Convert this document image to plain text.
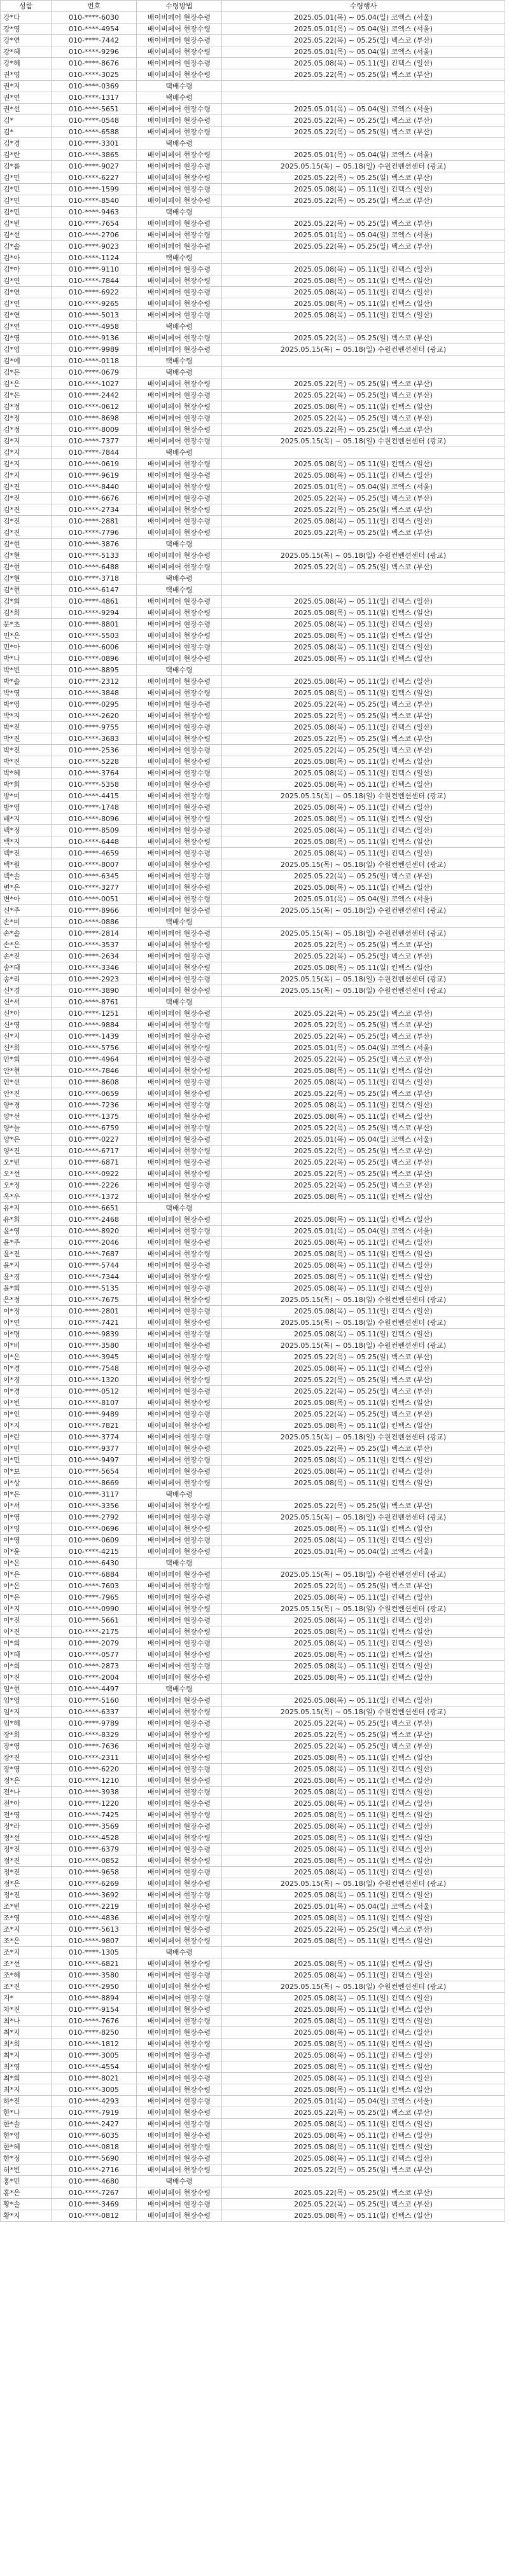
성함	번호	수령방법	수령행사
강*다	010-****-6030	배이비페어 현장수령	2025.05.01(목) ~ 05.04(일) 코엑스 (서울)
강*영	010-****-4954	배이비페어 현장수령	2025.05.01(목) ~ 05.04(일) 코엑스 (서울)
강*연	010-****-7442	배이비페어 현장수령	2025.05.22(목) ~ 05.25(일) 벡스코 (부산)
강*혜	010-****-9296	배이비페어 현장수령	2025.05.01(목) ~ 05.04(일) 코엑스 (서울)
강*혜	010-****-8676	배이비페어 현장수령	2025.05.08(목) ~ 05.11(일) 킨텍스 (일산)
권*영	010-****-3025	배이비페어 현장수령	2025.05.22(목) ~ 05.25(일) 벡스코 (부산)
권*지	010-****-0369	택배수령	
권*연	010-****-1317	택배수령	
권*선	010-****-5651	배이비페어 현장수령	2025.05.01(목) ~ 05.04(일) 코엑스 (서울)
김*	010-****-0548	배이비페어 현장수령	2025.05.22(목) ~ 05.25(일) 벡스코 (부산)
김*	010-****-6588	배이비페어 현장수령	2025.05.22(목) ~ 05.25(일) 벡스코 (부산)
김*경	010-****-3301	택배수령	
김*란	010-****-3865	배이비페어 현장수령	2025.05.01(목) ~ 05.04(일) 코엑스 (서울)
김*름	010-****-9027	배이비페어 현장수령	2025.05.15(목) ~ 05.18(일) 수원컨벤션센터 (광교)
김*민	010-****-6227	배이비페어 현장수령	2025.05.22(목) ~ 05.25(일) 벡스코 (부산)
김*민	010-****-1599	배이비페어 현장수령	2025.05.08(목) ~ 05.11(일) 킨텍스 (일산)
김*민	010-****-8540	배이비페어 현장수령	2025.05.22(목) ~ 05.25(일) 벡스코 (부산)
김*민	010-****-9463	택배수령	
김*빈	010-****-7654	배이비페어 현장수령	2025.05.22(목) ~ 05.25(일) 벡스코 (부산)
김*선	010-****-2706	배이비페어 현장수령	2025.05.01(목) ~ 05.04(일) 코엑스 (서울)
김*솔	010-****-9023	배이비페어 현장수령	2025.05.22(목) ~ 05.25(일) 벡스코 (부산)
김*아	010-****-1124	택배수령	
김*아	010-****-9110	배이비페어 현장수령	2025.05.08(목) ~ 05.11(일) 킨텍스 (일산)
김*연	010-****-7844	배이비페어 현장수령	2025.05.08(목) ~ 05.11(일) 킨텍스 (일산)
김*연	010-****-6922	배이비페어 현장수령	2025.05.08(목) ~ 05.11(일) 킨텍스 (일산)
김*연	010-****-9265	배이비페어 현장수령	2025.05.08(목) ~ 05.11(일) 킨텍스 (일산)
김*연	010-****-5013	배이비페어 현장수령	2025.05.08(목) ~ 05.11(일) 킨텍스 (일산)
김*연	010-****-4958	택배수령	
김*영	010-****-9136	배이비페어 현장수령	2025.05.22(목) ~ 05.25(일) 벡스코 (부산)
김*영	010-****-9989	배이비페어 현장수령	2025.05.15(목) ~ 05.18(일) 수원컨벤션센터 (광교)
김*예	010-****-0118	택배수령	
김*은	010-****-0679	택배수령	
김*은	010-****-1027	배이비페어 현장수령	2025.05.22(목) ~ 05.25(일) 벡스코 (부산)
김*은	010-****-2442	배이비페어 현장수령	2025.05.22(목) ~ 05.25(일) 벡스코 (부산)
김*정	010-****-0612	배이비페어 현장수령	2025.05.08(목) ~ 05.11(일) 킨텍스 (일산)
김*정	010-****-8698	배이비페어 현장수령	2025.05.22(목) ~ 05.25(일) 벡스코 (부산)
김*정	010-****-8009	배이비페어 현장수령	2025.05.22(목) ~ 05.25(일) 벡스코 (부산)
김*지	010-****-7377	배이비페어 현장수령	2025.05.15(목) ~ 05.18(일) 수원컨벤션센터 (광교)
김*지	010-****-7844	택배수령	
김*지	010-****-0619	배이비페어 현장수령	2025.05.08(목) ~ 05.11(일) 킨텍스 (일산)
김*지	010-****-9619	배이비페어 현장수령	2025.05.08(목) ~ 05.11(일) 킨텍스 (일산)
김*진	010-****-8440	배이비페어 현장수령	2025.05.01(목) ~ 05.04(일) 코엑스 (서울)
김*진	010-****-6676	배이비페어 현장수령	2025.05.22(목) ~ 05.25(일) 벡스코 (부산)
김*진	010-****-2734	배이비페어 현장수령	2025.05.22(목) ~ 05.25(일) 벡스코 (부산)
김*진	010-****-2881	배이비페어 현장수령	2025.05.08(목) ~ 05.11(일) 킨텍스 (일산)
김*진	010-****-7796	배이비페어 현장수령	2025.05.22(목) ~ 05.25(일) 벡스코 (부산)
김*현	010-****-3876	택배수령	
김*현	010-****-5133	배이비페어 현장수령	2025.05.15(목) ~ 05.18(일) 수원컨벤션센터 (광교)
김*현	010-****-6488	배이비페어 현장수령	2025.05.22(목) ~ 05.25(일) 벡스코 (부산)
김*현	010-****-3718	택배수령	
김*현	010-****-6147	택배수령	
김*희	010-****-4861	배이비페어 현장수령	2025.05.08(목) ~ 05.11(일) 킨텍스 (일산)
김*희	010-****-9294	배이비페어 현장수령	2025.05.08(목) ~ 05.11(일) 킨텍스 (일산)
문*초	010-****-8801	배이비페어 현장수령	2025.05.08(목) ~ 05.11(일) 킨텍스 (일산)
민*은	010-****-5503	배이비페어 현장수령	2025.05.08(목) ~ 05.11(일) 킨텍스 (일산)
민*아	010-****-6006	배이비페어 현장수령	2025.05.08(목) ~ 05.11(일) 킨텍스 (일산)
박*나	010-****-0896	배이비페어 현장수령	2025.05.08(목) ~ 05.11(일) 킨텍스 (일산)
박*빈	010-****-8895	택배수령	
박*솔	010-****-2312	배이비페어 현장수령	2025.05.08(목) ~ 05.11(일) 킨텍스 (일산)
박*영	010-****-3848	배이비페어 현장수령	2025.05.08(목) ~ 05.11(일) 킨텍스 (일산)
박*영	010-****-0295	배이비페어 현장수령	2025.05.22(목) ~ 05.25(일) 벡스코 (부산)
박*지	010-****-2620	배이비페어 현장수령	2025.05.22(목) ~ 05.25(일) 벡스코 (부산)
박*진	010-****-9755	배이비페어 현장수령	2025.05.08(목) ~ 05.11(일) 킨텍스 (일산)
박*진	010-****-3683	배이비페어 현장수령	2025.05.22(목) ~ 05.25(일) 벡스코 (부산)
박*진	010-****-2536	배이비페어 현장수령	2025.05.22(목) ~ 05.25(일) 벡스코 (부산)
박*진	010-****-5228	배이비페어 현장수령	2025.05.08(목) ~ 05.11(일) 킨텍스 (일산)
박*혜	010-****-3764	배이비페어 현장수령	2025.05.08(목) ~ 05.11(일) 킨텍스 (일산)
박*희	010-****-5358	배이비페어 현장수령	2025.05.08(목) ~ 05.11(일) 킨텍스 (일산)
방*미	010-****-4415	배이비페어 현장수령	2025.05.15(목) ~ 05.18(일) 수원컨벤션센터 (광교)
방*영	010-****-1748	배이비페어 현장수령	2025.05.08(목) ~ 05.11(일) 킨텍스 (일산)
배*지	010-****-8096	배이비페어 현장수령	2025.05.08(목) ~ 05.11(일) 킨텍스 (일산)
백*정	010-****-8509	배이비페어 현장수령	2025.05.08(목) ~ 05.11(일) 킨텍스 (일산)
백*지	010-****-6448	배이비페어 현장수령	2025.05.08(목) ~ 05.11(일) 킨텍스 (일산)
백*진	010-****-4659	배이비페어 현장수령	2025.05.08(목) ~ 05.11(일) 킨텍스 (일산)
백*원	010-****-8007	배이비페어 현장수령	2025.05.15(목) ~ 05.18(일) 수원컨벤션센터 (광교)
백*솔	010-****-6345	배이비페어 현장수령	2025.05.22(목) ~ 05.25(일) 벡스코 (부산)
변*은	010-****-3277	배이비페어 현장수령	2025.05.08(목) ~ 05.11(일) 킨텍스 (일산)
변*아	010-****-0051	배이비페어 현장수령	2025.05.01(목) ~ 05.04(일) 코엑스 (서울)
신*주	010-****-8966	배이비페어 현장수령	2025.05.15(목) ~ 05.18(일) 수원컨벤션센터 (광교)
손*미	010-****-0886	택배수령	
손*솔	010-****-2814	배이비페어 현장수령	2025.05.15(목) ~ 05.18(일) 수원컨벤션센터 (광교)
손*은	010-****-3537	배이비페어 현장수령	2025.05.22(목) ~ 05.25(일) 벡스코 (부산)
손*진	010-****-2634	배이비페어 현장수령	2025.05.22(목) ~ 05.25(일) 벡스코 (부산)
송*혜	010-****-3346	배이비페어 현장수령	2025.05.08(목) ~ 05.11(일) 킨텍스 (일산)
송*리	010-****-2923	배이비페어 현장수령	2025.05.15(목) ~ 05.18(일) 수원컨벤션센터 (광교)
신*경	010-****-3890	배이비페어 현장수령	2025.05.15(목) ~ 05.18(일) 수원컨벤션센터 (광교)
신*서	010-****-8761	택배수령	
신*아	010-****-1251	배이비페어 현장수령	2025.05.22(목) ~ 05.25(일) 벡스코 (부산)
신*영	010-****-9884	배이비페어 현장수령	2025.05.22(목) ~ 05.25(일) 벡스코 (부산)
신*지	010-****-1439	배이비페어 현장수령	2025.05.22(목) ~ 05.25(일) 벡스코 (부산)
신*희	010-****-5756	배이비페어 현장수령	2025.05.01(목) ~ 05.04(일) 코엑스 (서울)
안*희	010-****-4964	배이비페어 현장수령	2025.05.22(목) ~ 05.25(일) 벡스코 (부산)
안*현	010-****-7846	배이비페어 현장수령	2025.05.08(목) ~ 05.11(일) 킨텍스 (일산)
안*선	010-****-8608	배이비페어 현장수령	2025.05.08(목) ~ 05.11(일) 킨텍스 (일산)
안*진	010-****-0659	배이비페어 현장수령	2025.05.22(목) ~ 05.25(일) 벡스코 (부산)
양*경	010-****-7236	배이비페어 현장수령	2025.05.08(목) ~ 05.11(일) 킨텍스 (일산)
양*선	010-****-1375	배이비페어 현장수령	2025.05.08(목) ~ 05.11(일) 킨텍스 (일산)
양*늘	010-****-6759	배이비페어 현장수령	2025.05.22(목) ~ 05.25(일) 벡스코 (부산)
양*은	010-****-0227	배이비페어 현장수령	2025.05.01(목) ~ 05.04(일) 코엑스 (서울)
양*진	010-****-6717	배이비페어 현장수령	2025.05.22(목) ~ 05.25(일) 벡스코 (부산)
오*빈	010-****-6871	배이비페어 현장수령	2025.05.22(목) ~ 05.25(일) 벡스코 (부산)
오*선	010-****-0922	배이비페어 현장수령	2025.05.22(목) ~ 05.25(일) 벡스코 (부산)
오*정	010-****-2226	배이비페어 현장수령	2025.05.22(목) ~ 05.25(일) 벡스코 (부산)
옥*우	010-****-1372	배이비페어 현장수령	2025.05.08(목) ~ 05.11(일) 킨텍스 (일산)
유*지	010-****-6651	택배수령	
유*희	010-****-2468	배이비페어 현장수령	2025.05.08(목) ~ 05.11(일) 킨텍스 (일산)
윤*영	010-****-8920	배이비페어 현장수령	2025.05.01(목) ~ 05.04(일) 코엑스 (서울)
윤*주	010-****-2046	배이비페어 현장수령	2025.05.08(목) ~ 05.11(일) 킨텍스 (일산)
윤*진	010-****-7687	배이비페어 현장수령	2025.05.08(목) ~ 05.11(일) 킨텍스 (일산)
윤*지	010-****-5744	배이비페어 현장수령	2025.05.08(목) ~ 05.11(일) 킨텍스 (일산)
윤*경	010-****-7344	배이비페어 현장수령	2025.05.08(목) ~ 05.11(일) 킨텍스 (일산)
윤*희	010-****-5135	배이비페어 현장수령	2025.05.08(목) ~ 05.11(일) 킨텍스 (일산)
은*정	010-****-7675	배이비페어 현장수령	2025.05.15(목) ~ 05.18(일) 수원컨벤션센터 (광교)
이*정	010-****-2801	배이비페어 현장수령	2025.05.08(목) ~ 05.11(일) 킨텍스 (일산)
이*연	010-****-7421	배이비페어 현장수령	2025.05.15(목) ~ 05.18(일) 수원컨벤션센터 (광교)
이*명	010-****-9839	배이비페어 현장수령	2025.05.08(목) ~ 05.11(일) 킨텍스 (일산)
이*비	010-****-3580	배이비페어 현장수령	2025.05.15(목) ~ 05.18(일) 수원컨벤션센터 (광교)
이*은	010-****-3945	배이비페어 현장수령	2025.05.22(목) ~ 05.25(일) 벡스코 (부산)
이*경	010-****-7548	배이비페어 현장수령	2025.05.08(목) ~ 05.11(일) 킨텍스 (일산)
이*경	010-****-1320	배이비페어 현장수령	2025.05.22(목) ~ 05.25(일) 벡스코 (부산)
이*경	010-****-0512	배이비페어 현장수령	2025.05.22(목) ~ 05.25(일) 벡스코 (부산)
이*빈	010-****-8107	배이비페어 현장수령	2025.05.08(목) ~ 05.11(일) 킨텍스 (일산)
이*인	010-****-9489	배이비페어 현장수령	2025.05.22(목) ~ 05.25(일) 벡스코 (부산)
이*지	010-****-7821	배이비페어 현장수령	2025.05.08(목) ~ 05.11(일) 킨텍스 (일산)
이*란	010-****-3774	배이비페어 현장수령	2025.05.15(목) ~ 05.18(일) 수원컨벤션센터 (광교)
이*민	010-****-9377	배이비페어 현장수령	2025.05.22(목) ~ 05.25(일) 벡스코 (부산)
이*민	010-****-9497	배이비페어 현장수령	2025.05.08(목) ~ 05.11(일) 킨텍스 (일산)
이*보	010-****-5654	배이비페어 현장수령	2025.05.08(목) ~ 05.11(일) 킨텍스 (일산)
이*상	010-****-8669	배이비페어 현장수령	2025.05.08(목) ~ 05.11(일) 킨텍스 (일산)
이*은	010-****-3117	택배수령	
이*서	010-****-3356	배이비페어 현장수령	2025.05.22(목) ~ 05.25(일) 벡스코 (부산)
이*영	010-****-2792	배이비페어 현장수령	2025.05.15(목) ~ 05.18(일) 수원컨벤션센터 (광교)
이*영	010-****-0696	배이비페어 현장수령	2025.05.08(목) ~ 05.11(일) 킨텍스 (일산)
이*영	010-****-0609	배이비페어 현장수령	2025.05.08(목) ~ 05.11(일) 킨텍스 (일산)
이*윤	010-****-4215	배이비페어 현장수령	2025.05.01(목) ~ 05.04(일) 코엑스 (서울)
이*은	010-****-6430	택배수령	
이*은	010-****-6884	배이비페어 현장수령	2025.05.15(목) ~ 05.18(일) 수원컨벤션센터 (광교)
이*은	010-****-7603	배이비페어 현장수령	2025.05.22(목) ~ 05.25(일) 벡스코 (부산)
이*은	010-****-7965	배이비페어 현장수령	2025.05.08(목) ~ 05.11(일) 킨텍스 (일산)
이*지	010-****-0990	배이비페어 현장수령	2025.05.15(목) ~ 05.18(일) 수원컨벤션센터 (광교)
이*진	010-****-5661	배이비페어 현장수령	2025.05.08(목) ~ 05.11(일) 킨텍스 (일산)
이*진	010-****-2175	배이비페어 현장수령	2025.05.08(목) ~ 05.11(일) 킨텍스 (일산)
이*희	010-****-2079	배이비페어 현장수령	2025.05.08(목) ~ 05.11(일) 킨텍스 (일산)
이*혜	010-****-0577	배이비페어 현장수령	2025.05.08(목) ~ 05.11(일) 킨텍스 (일산)
이*희	010-****-2873	배이비페어 현장수령	2025.05.08(목) ~ 05.11(일) 킨텍스 (일산)
이*진	010-****-2004	배이비페어 현장수령	2025.05.08(목) ~ 05.11(일) 킨텍스 (일산)
임*현	010-****-4497	택배수령	
임*영	010-****-5160	배이비페어 현장수령	2025.05.08(목) ~ 05.11(일) 킨텍스 (일산)
임*지	010-****-6337	배이비페어 현장수령	2025.05.15(목) ~ 05.18(일) 수원컨벤션센터 (광교)
임*혜	010-****-9789	배이비페어 현장수령	2025.05.22(목) ~ 05.25(일) 벡스코 (부산)
장*희	010-****-8329	배이비페어 현장수령	2025.05.22(목) ~ 05.25(일) 벡스코 (부산)
장*영	010-****-7636	배이비페어 현장수령	2025.05.22(목) ~ 05.25(일) 벡스코 (부산)
장*진	010-****-2311	배이비페어 현장수령	2025.05.08(목) ~ 05.11(일) 킨텍스 (일산)
장*영	010-****-6220	배이비페어 현장수령	2025.05.08(목) ~ 05.11(일) 킨텍스 (일산)
정*은	010-****-1210	배이비페어 현장수령	2025.05.08(목) ~ 05.11(일) 킨텍스 (일산)
전*나	010-****-3938	배이비페어 현장수령	2025.05.08(목) ~ 05.11(일) 킨텍스 (일산)
전*아	010-****-1220	배이비페어 현장수령	2025.05.08(목) ~ 05.11(일) 킨텍스 (일산)
전*영	010-****-7425	배이비페어 현장수령	2025.05.08(목) ~ 05.11(일) 킨텍스 (일산)
정*라	010-****-3569	배이비페어 현장수령	2025.05.08(목) ~ 05.11(일) 킨텍스 (일산)
정*선	010-****-4528	배이비페어 현장수령	2025.05.08(목) ~ 05.11(일) 킨텍스 (일산)
정*진	010-****-6379	배이비페어 현장수령	2025.05.08(목) ~ 05.11(일) 킨텍스 (일산)
정*진	010-****-0852	배이비페어 현장수령	2025.05.08(목) ~ 05.11(일) 킨텍스 (일산)
정*진	010-****-9658	배이비페어 현장수령	2025.05.08(목) ~ 05.11(일) 킨텍스 (일산)
정*은	010-****-6269	배이비페어 현장수령	2025.05.15(목) ~ 05.18(일) 수원컨벤션센터 (광교)
정*진	010-****-3692	배이비페어 현장수령	2025.05.08(목) ~ 05.11(일) 킨텍스 (일산)
조*빈	010-****-2219	배이비페어 현장수령	2025.05.01(목) ~ 05.04(일) 코엑스 (서울)
조*영	010-****-4836	배이비페어 현장수령	2025.05.08(목) ~ 05.11(일) 킨텍스 (일산)
조*지	010-****-5613	배이비페어 현장수령	2025.05.22(목) ~ 05.25(일) 벡스코 (부산)
조*은	010-****-9807	배이비페어 현장수령	2025.05.08(목) ~ 05.11(일) 킨텍스 (일산)
조*지	010-****-1305	택배수령	
조*선	010-****-6821	배이비페어 현장수령	2025.05.08(목) ~ 05.11(일) 킨텍스 (일산)
조*혜	010-****-3580	배이비페어 현장수령	2025.05.08(목) ~ 05.11(일) 킨텍스 (일산)
조*진	010-****-2950	배이비페어 현장수령	2025.05.15(목) ~ 05.18(일) 수원컨벤션센터 (광교)
지*	010-****-8894	배이비페어 현장수령	2025.05.08(목) ~ 05.11(일) 킨텍스 (일산)
차*진	010-****-9154	배이비페어 현장수령	2025.05.08(목) ~ 05.11(일) 킨텍스 (일산)
최*나	010-****-7676	배이비페어 현장수령	2025.05.08(목) ~ 05.11(일) 킨텍스 (일산)
최*지	010-****-8250	배이비페어 현장수령	2025.05.08(목) ~ 05.11(일) 킨텍스 (일산)
최*희	010-****-1812	배이비페어 현장수령	2025.05.08(목) ~ 05.11(일) 킨텍스 (일산)
최*지	010-****-3005	배이비페어 현장수령	2025.05.08(목) ~ 05.11(일) 킨텍스 (일산)
최*영	010-****-4554	배이비페어 현장수령	2025.05.08(목) ~ 05.11(일) 킨텍스 (일산)
최*희	010-****-8021	배이비페어 현장수령	2025.05.08(목) ~ 05.11(일) 킨텍스 (일산)
최*지	010-****-3005	배이비페어 현장수령	2025.05.08(목) ~ 05.11(일) 킨텍스 (일산)
하*진	010-****-4293	배이비페어 현장수령	2025.05.01(목) ~ 05.04(일) 코엑스 (서울)
한*나	010-****-7919	배이비페어 현장수령	2025.05.22(목) ~ 05.25(일) 벡스코 (부산)
한*솔	010-****-2427	배이비페어 현장수령	2025.05.08(목) ~ 05.11(일) 킨텍스 (일산)
한*영	010-****-6035	배이비페어 현장수령	2025.05.08(목) ~ 05.11(일) 킨텍스 (일산)
한*혜	010-****-0818	배이비페어 현장수령	2025.05.08(목) ~ 05.11(일) 킨텍스 (일산)
한*정	010-****-5690	배이비페어 현장수령	2025.05.08(목) ~ 05.11(일) 킨텍스 (일산)
허*빈	010-****-2716	배이비페어 현장수령	2025.05.22(목) ~ 05.25(일) 벡스코 (부산)
홍*민	010-****-4680	택배수령	
홍*은	010-****-7267	배이비페어 현장수령	2025.05.22(목) ~ 05.25(일) 벡스코 (부산)
황*솔	010-****-3469	배이비페어 현장수령	2025.05.22(목) ~ 05.25(일) 벡스코 (부산)
황*지	010-****-0812	배이비페어 현장수령	2025.05.08(목) ~ 05.11(일) 킨텍스 (일산)
